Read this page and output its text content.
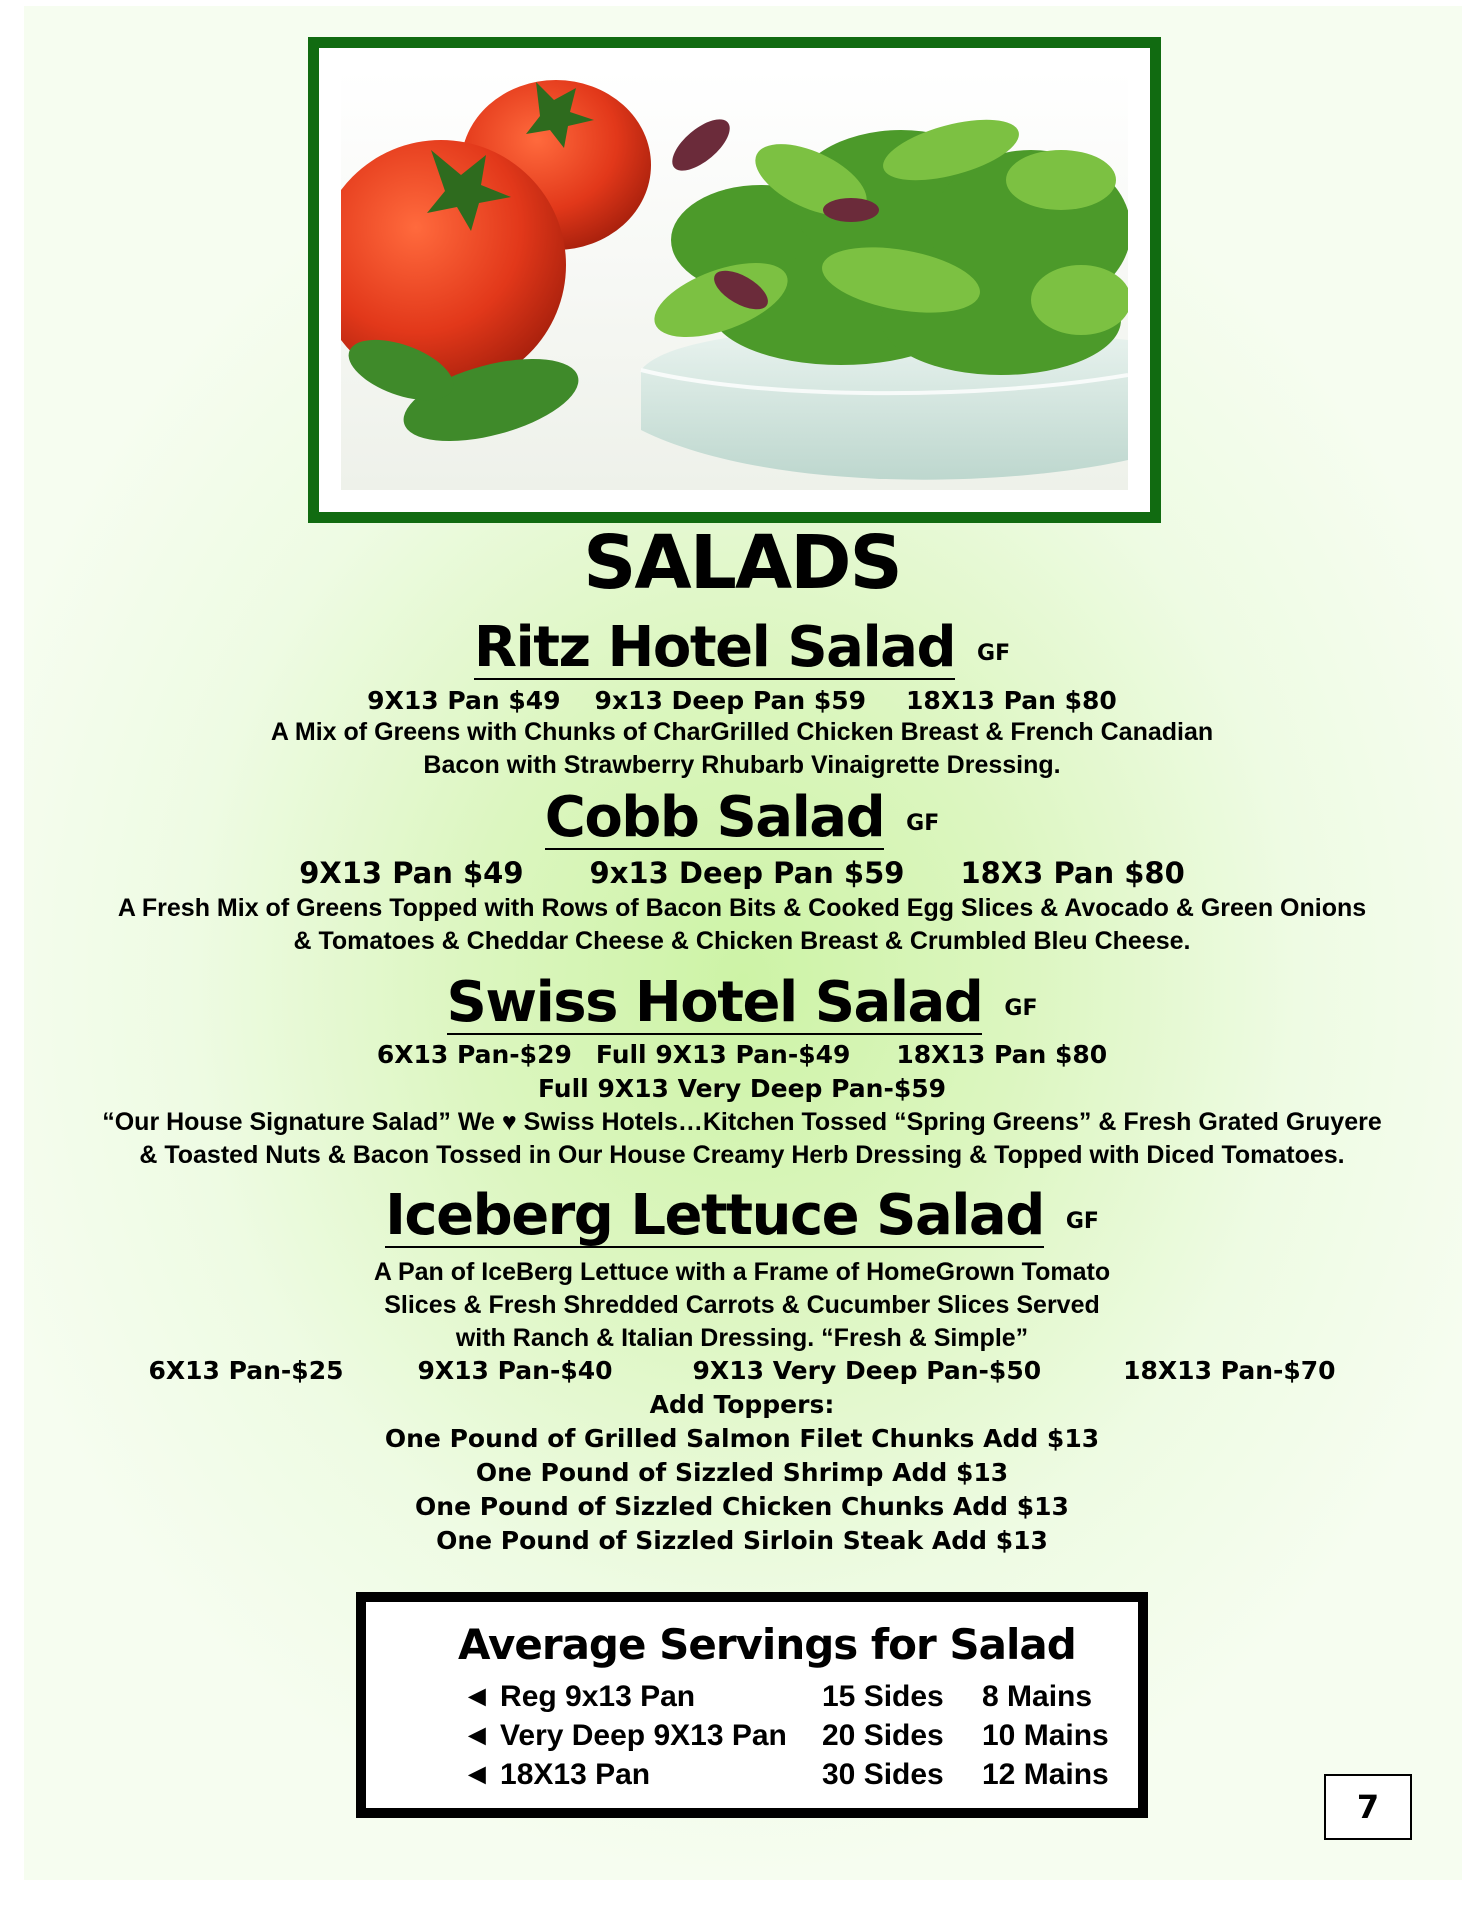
SALADS
Ritz Hotel Salad GF
9X13 Pan $49 9x13 Deep Pan $59 18X13 Pan $80
A Mix of Greens with Chunks of CharGrilled Chicken Breast & French Canadian
Bacon with Strawberry Rhubarb Vinaigrette Dressing.
Cobb Salad GF
9X13 Pan $49 9x13 Deep Pan $59 18X3 Pan $80
A Fresh Mix of Greens Topped with Rows of Bacon Bits & Cooked Egg Slices & Avocado & Green Onions
& Tomatoes & Cheddar Cheese & Chicken Breast & Crumbled Bleu Cheese.
Swiss Hotel Salad GF
6X13 Pan-$29 Full 9X13 Pan-$49 18X13 Pan $80
Full 9X13 Very Deep Pan-$59
“Our House Signature Salad” We ♥ Swiss Hotels…Kitchen Tossed “Spring Greens” & Fresh Grated Gruyere
& Toasted Nuts & Bacon Tossed in Our House Creamy Herb Dressing & Topped with Diced Tomatoes.
Iceberg Lettuce Salad GF
A Pan of IceBerg Lettuce with a Frame of HomeGrown Tomato
Slices & Fresh Shredded Carrots & Cucumber Slices Served
with Ranch & Italian Dressing. “Fresh & Simple”
6X13 Pan-$25	9X13 Pan-$40	9X13 Very Deep Pan-$50	18X13 Pan-$70
Add Toppers:
One Pound of Grilled Salmon Filet Chunks Add $13
One Pound of Sizzled Shrimp Add $13
One Pound of Sizzled Chicken Chunks Add $13
One Pound of Sizzled Sirloin Steak Add $13
Average Servings for Salad
◄ Reg 9x13 Pan	15 Sides 8 Mains
◄ Very Deep 9X13 Pan 20 Sides 10 Mains
◄ 18X13 Pan	30 Sides 12 Mains
7
